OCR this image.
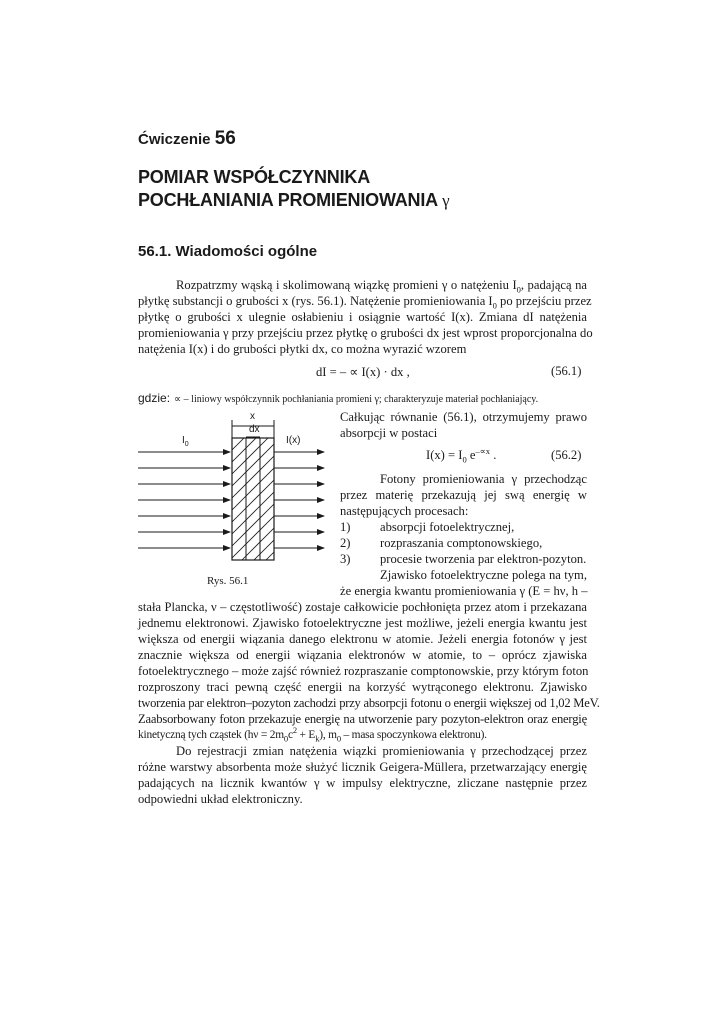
Ćwiczenie 56
POMIAR WSPÓŁCZYNNIKA
POCHŁANIANIA PROMIENIOWANIA γ
56.1. Wiadomości ogólne
Rozpatrzmy wąską i skolimowaną wiązkę promieni γ o natężeniu $I_0$, padającą na
płytkę substancji o grubości x (rys. 56.1). Natężenie promieniowania $I_0$ po przejściu przez
płytkę o grubości x ulegnie osłabieniu i osiągnie wartość I(x). Zmiana dI natężenia
promieniowania γ przy przejściu przez płytkę o grubości dx jest wprost proporcjonalna do
natężenia I(x) i do grubości płytki dx, co można wyrazić wzorem
dI = – ∝ I(x) · dx ,	(56.1)
gdzie: ∝ – liniowy współczynnik pochłaniania promieni γ; charakteryzuje materiał pochłaniający.
x
dx
$I_0$	I(x)
Rys. 56.1
Całkując równanie (56.1), otrzymujemy prawo
absorpcji w postaci
$I(x) = I_0$ $e^{-\propto x}$ .	(56.2)
Fotony promieniowania γ przechodząc
przez materię przekazują jej swą energię w
następujących procesach:
1) absorpcji fotoelektrycznej,
2) rozpraszania comptonowskiego,
3) procesie tworzenia par elektron-pozyton.
Zjawisko fotoelektryczne polega na tym,
że energia kwantu promieniowania γ (E = hν, h –
stała Plancka, ν – częstotliwość) zostaje całkowicie pochłonięta przez atom i przekazana
jednemu elektronowi. Zjawisko fotoelektryczne jest możliwe, jeżeli energia kwantu jest
większa od energii wiązania danego elektronu w atomie. Jeżeli energia fotonów γ jest
znacznie większa od energii wiązania elektronów w atomie, to – oprócz zjawiska
fotoelektrycznego – może zajść również rozpraszanie comptonowskie, przy którym foton
rozproszony traci pewną część energii na korzyść wytrąconego elektronu. Zjawisko
tworzenia par elektron–pozyton zachodzi przy absorpcji fotonu o energii większej od 1,02 MeV.
Zaabsorbowany foton przekazuje energię na utworzenie pary pozyton-elektron oraz energię
kinetyczną tych cząstek $(h\nu = 2m_0c^2 + E_k)$, $m_0$ – masa spoczynkowa elektronu).
Do rejestracji zmian natężenia wiązki promieniowania γ przechodzącej przez
różne warstwy absorbenta może służyć licznik Geigera-Müllera, przetwarzający energię
padających na licznik kwantów γ w impulsy elektryczne, zliczane następnie przez
odpowiedni układ elektroniczny.
